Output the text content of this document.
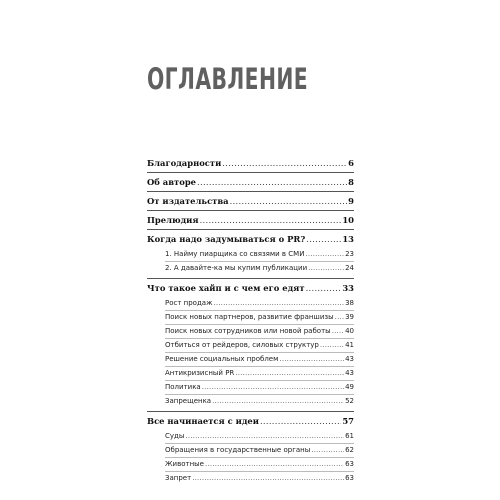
ОГЛАВЛЕНИЕ
Благодарности .....	6
Об авторе .....	8
От издательства .....	9
Прелюдия .....	10
Когда надо задумываться о PR? .....	13
1. Найму пиарщика со связями в СМИ .....	23
2. А давайте-ка мы купим публикации .....	24
Что такое хайп и с чем его едят .....	33
Рост продаж .....	38
Поиск новых партнеров, развитие франшизы ..... 39
Поиск новых сотрудников или новой работы ..... 40
Отбиться от рейдеров, силовых структур .....	41
Решение социальных проблем .....	43
Антикризисный PR .....	43
Политика .....	49
Запрещенка .....	52
Все начинается с идеи .....	57
Суды .....	61
Обращения в государственные органы .....	62
Животные .....	63
Запрет .....	63
